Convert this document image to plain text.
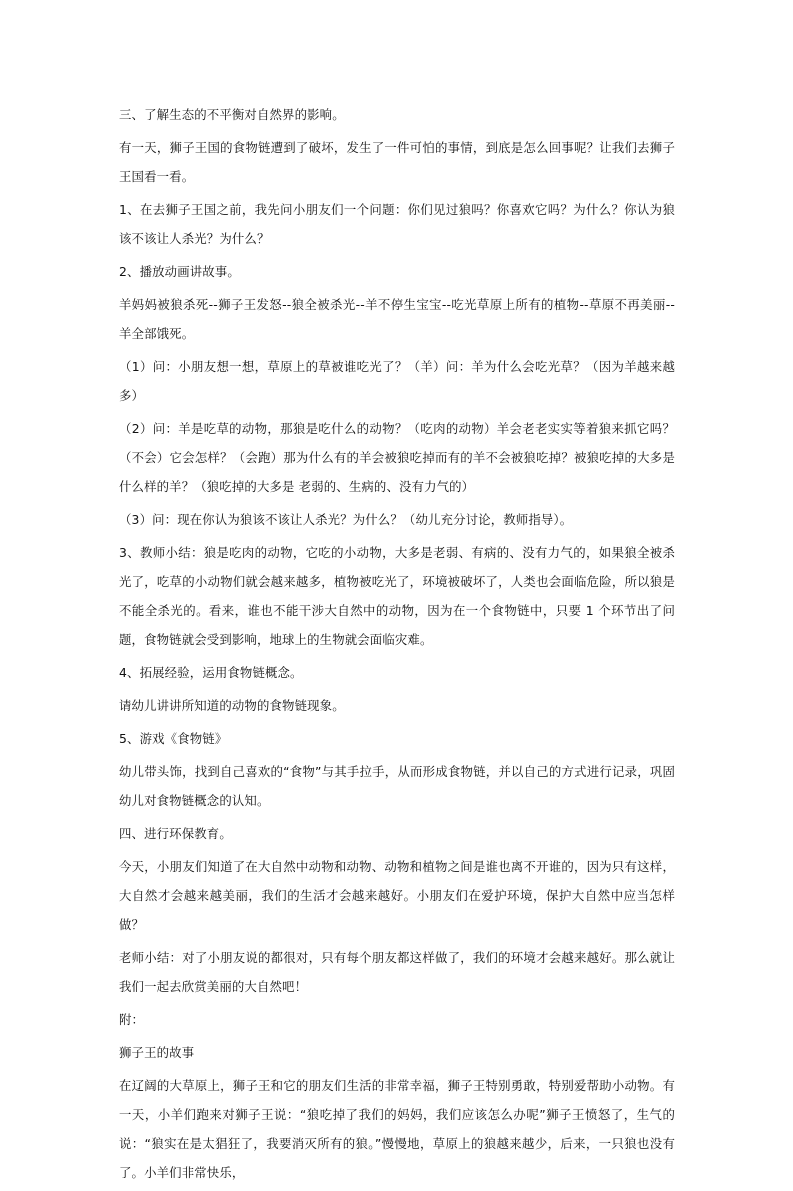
三、了解生态的不平衡对自然界的影响。

有一天，狮子王国的食物链遭到了破坏，发生了一件可怕的事情，到底是怎么回事呢？让我们去狮子王国看一看。

1、在去狮子王国之前，我先问小朋友们一个问题：你们见过狼吗？你喜欢它吗？为什么？你认为狼该不该让人杀光？为什么？

2、播放动画讲故事。

羊妈妈被狼杀死--狮子王发怒--狼全被杀光--羊不停生宝宝--吃光草原上所有的植物--草原不再美丽--羊全部饿死。

（1）问：小朋友想一想，草原上的草被谁吃光了？（羊）问：羊为什么会吃光草？（因为羊越来越多）

（2）问：羊是吃草的动物，那狼是吃什么的动物？（吃肉的动物）羊会老老实实等着狼来抓它吗？（不会）它会怎样？（会跑）那为什么有的羊会被狼吃掉而有的羊不会被狼吃掉？被狼吃掉的大多是什么样的羊？（狼吃掉的大多是 老弱的、生病的、没有力气的）

（3）问：现在你认为狼该不该让人杀光？为什么？（幼儿充分讨论，教师指导）。

3、教师小结：狼是吃肉的动物，它吃的小动物，大多是老弱、有病的、没有力气的，如果狼全被杀光了，吃草的小动物们就会越来越多，植物被吃光了，环境被破坏了，人类也会面临危险，所以狼是不能全杀光的。看来，谁也不能干涉大自然中的动物，因为在一个食物链中，只要 1 个环节出了问题，食物链就会受到影响，地球上的生物就会面临灾难。

4、拓展经验，运用食物链概念。

请幼儿讲讲所知道的动物的食物链现象。

5、游戏《食物链》

幼儿带头饰，找到自己喜欢的“食物”与其手拉手，从而形成食物链，并以自己的方式进行记录，巩固幼儿对食物链概念的认知。

四、进行环保教育。

今天，小朋友们知道了在大自然中动物和动物、动物和植物之间是谁也离不开谁的，因为只有这样，大自然才会越来越美丽，我们的生活才会越来越好。小朋友们在爱护环境，保护大自然中应当怎样做？

老师小结：对了小朋友说的都很对，只有每个朋友都这样做了，我们的环境才会越来越好。那么就让我们一起去欣赏美丽的大自然吧！

附：

狮子王的故事

在辽阔的大草原上，狮子王和它的朋友们生活的非常幸福，狮子王特别勇敢，特别爱帮助小动物。有一天，小羊们跑来对狮子王说：“狼吃掉了我们的妈妈，我们应该怎么办呢”狮子王愤怒了，生气的说：“狼实在是太猖狂了，我要消灭所有的狼。”慢慢地，草原上的狼越来越少，后来，一只狼也没有了。小羊们非常快乐，
